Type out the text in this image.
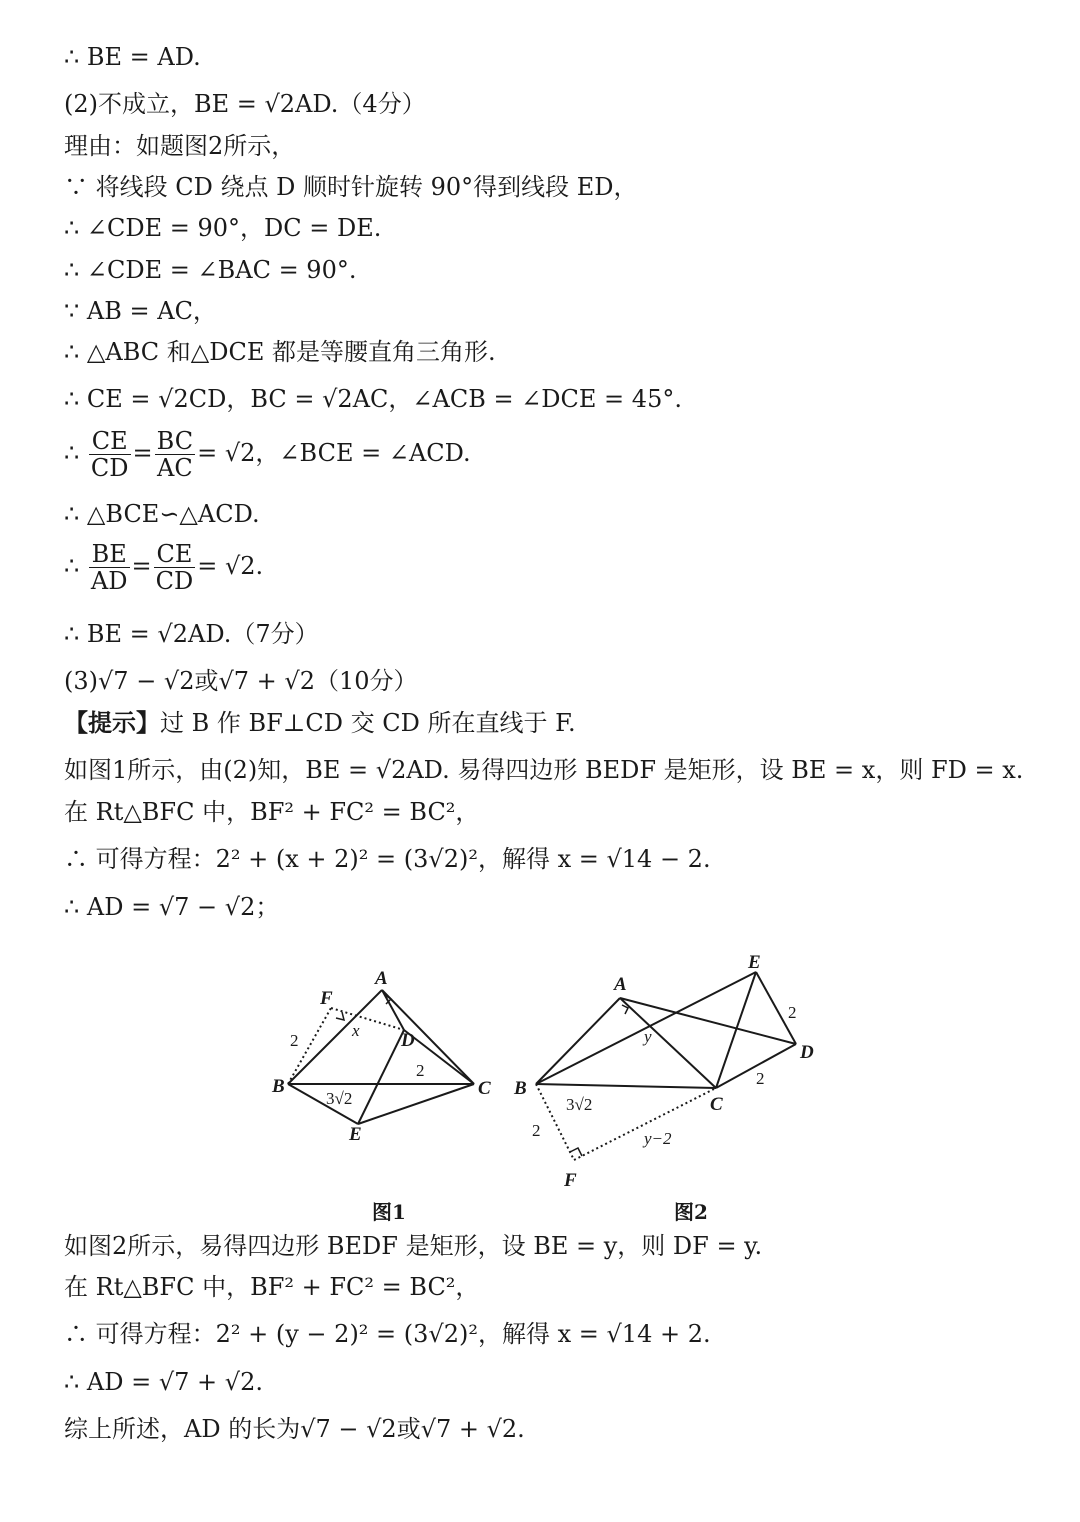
∴ BE = AD.
(2)不成立，BE = √2AD.（4分）
理由：如题图2所示，
∵ 将线段 CD 绕点 D 顺时针旋转 90°得到线段 ED，
∴ ∠CDE = 90°，DC = DE.
∴ ∠CDE = ∠BAC = 90°.
∵ AB = AC，
∴ △ABC 和△DCE 都是等腰直角三角形.
∴ CE = √2CD，BC = √2AC，∠ACB = ∠DCE = 45°.
∴ $\frac{CE}{CD} = \frac{BC}{AC} = √2$，∠BCE = ∠ACD.
∴ △BCE∽△ACD.
∴ $\frac{BE}{AD} = \frac{CE}{CD} = √2$.
∴ BE = √2AD.（7分）
(3)√7 − √2或√7 + √2（10分）
【提示】过 B 作 BF⊥CD 交 CD 所在直线于 F.
如图1所示，由(2)知，BE = √2AD. 易得四边形 BEDF 是矩形，设 BE = x，则 FD = x.
在 Rt△BFC 中，BF² + FC² = BC²，
∴ 可得方程：2² + (x + 2)² = (3√2)²，解得 x = √14 − 2.
∴ AD = √7 − √2；
A
B	C
D
E
F
A
B
C
D
E
F
2
x
2
3√2
2
2
y
3√2
2	y−2
图1	图2
如图2所示，易得四边形 BEDF 是矩形，设 BE = y，则 DF = y.
在 Rt△BFC 中，BF² + FC² = BC²，
∴ 可得方程：2² + (y − 2)² = (3√2)²，解得 x = √14 + 2.
∴ AD = √7 + √2.
综上所述，AD 的长为√7 − √2或√7 + √2.
